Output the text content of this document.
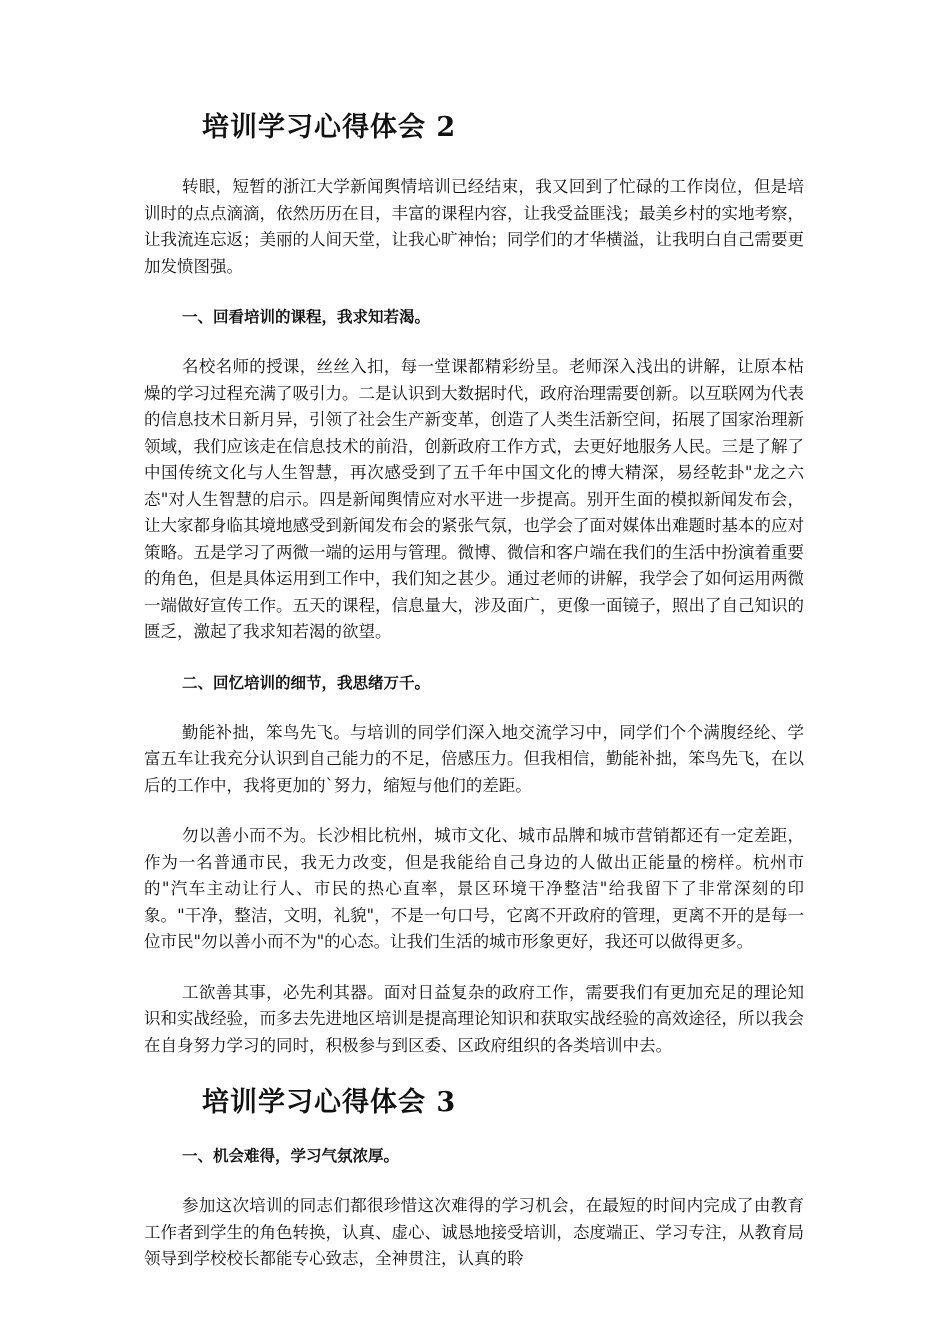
培训学习心得体会 2

转眼，短暂的浙江大学新闻舆情培训已经结束，我又回到了忙碌的工作岗位，但是培训时的点点滴滴，依然历历在目，丰富的课程内容，让我受益匪浅；最美乡村的实地考察，让我流连忘返；美丽的人间天堂，让我心旷神怡；同学们的才华横溢，让我明白自己需要更加发愤图强。

一、回看培训的课程，我求知若渴。

名校名师的授课，丝丝入扣，每一堂课都精彩纷呈。老师深入浅出的讲解，让原本枯燥的学习过程充满了吸引力。二是认识到大数据时代，政府治理需要创新。以互联网为代表的信息技术日新月异，引领了社会生产新变革，创造了人类生活新空间，拓展了国家治理新领域，我们应该走在信息技术的前沿，创新政府工作方式，去更好地服务人民。三是了解了中国传统文化与人生智慧，再次感受到了五千年中国文化的博大精深，易经乾卦"龙之六态"对人生智慧的启示。四是新闻舆情应对水平进一步提高。别开生面的模拟新闻发布会，让大家都身临其境地感受到新闻发布会的紧张气氛，也学会了面对媒体出难题时基本的应对策略。五是学习了两微一端的运用与管理。微博、微信和客户端在我们的生活中扮演着重要的角色，但是具体运用到工作中，我们知之甚少。通过老师的讲解，我学会了如何运用两微一端做好宣传工作。五天的课程，信息量大，涉及面广，更像一面镜子，照出了自己知识的匮乏，激起了我求知若渴的欲望。

二、回忆培训的细节，我思绪万千。

勤能补拙，笨鸟先飞。与培训的同学们深入地交流学习中，同学们个个满腹经纶、学富五车让我充分认识到自己能力的不足，倍感压力。但我相信，勤能补拙，笨鸟先飞，在以后的工作中，我将更加的`努力，缩短与他们的差距。

勿以善小而不为。长沙相比杭州，城市文化、城市品牌和城市营销都还有一定差距，作为一名普通市民，我无力改变，但是我能给自己身边的人做出正能量的榜样。杭州市的"汽车主动让行人、市民的热心直率，景区环境干净整洁"给我留下了非常深刻的印象。"干净，整洁，文明，礼貌"，不是一句口号，它离不开政府的管理，更离不开的是每一位市民"勿以善小而不为"的心态。让我们生活的城市形象更好，我还可以做得更多。

工欲善其事，必先利其器。面对日益复杂的政府工作，需要我们有更加充足的理论知识和实战经验，而多去先进地区培训是提高理论知识和获取实战经验的高效途径，所以我会在自身努力学习的同时，积极参与到区委、区政府组织的各类培训中去。

培训学习心得体会 3

一、机会难得，学习气氛浓厚。

参加这次培训的同志们都很珍惜这次难得的学习机会，在最短的时间内完成了由教育工作者到学生的角色转换，认真、虚心、诚恳地接受培训，态度端正、学习专注，从教育局领导到学校校长都能专心致志，全神贯注，认真的聆
